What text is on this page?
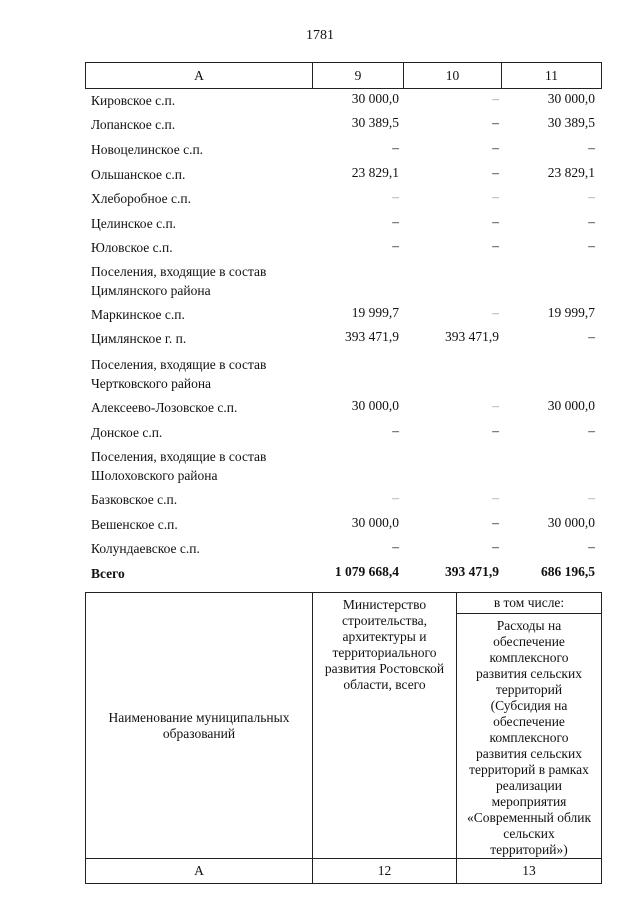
1781
А	9	10	11
Кировское с.п.	30 000,0	–	30 000,0
Лопанское с.п.	30 389,5	–	30 389,5
Новоцелинское с.п.	–	–	–
Ольшанское с.п.	23 829,1	–	23 829,1
Хлеборобное с.п.	–	–	–
Целинское с.п.	–	–	–
Юловское с.п.	–	–	–
Поселения, входящие в состав Цимлянского района
Маркинское с.п.	19 999,7	–	19 999,7
Цимлянское г. п.	393 471,9	393 471,9	–
Поселения, входящие в состав Чертковского района
Алексеево-Лозовское с.п.	30 000,0	–	30 000,0
Донское с.п.	–	–	–
Поселения, входящие в состав Шолоховского района
Базковское с.п.	–	–	–
Вешенское с.п.	30 000,0	–	30 000,0
Колундаевское с.п.	–	–	–
Всего	1 079 668,4	393 471,9	686 196,5
Наименование муниципальных образований	Министерство строительства, архитектуры и территориального развития Ростовской области, всего	в том числе:

		Расходы на обеспечение комплексного развития сельских территорий (Субсидия на обеспечение комплексного развития сельских территорий в рамках реализации мероприятия «Современный облик сельских территорий»)

А	12	13
